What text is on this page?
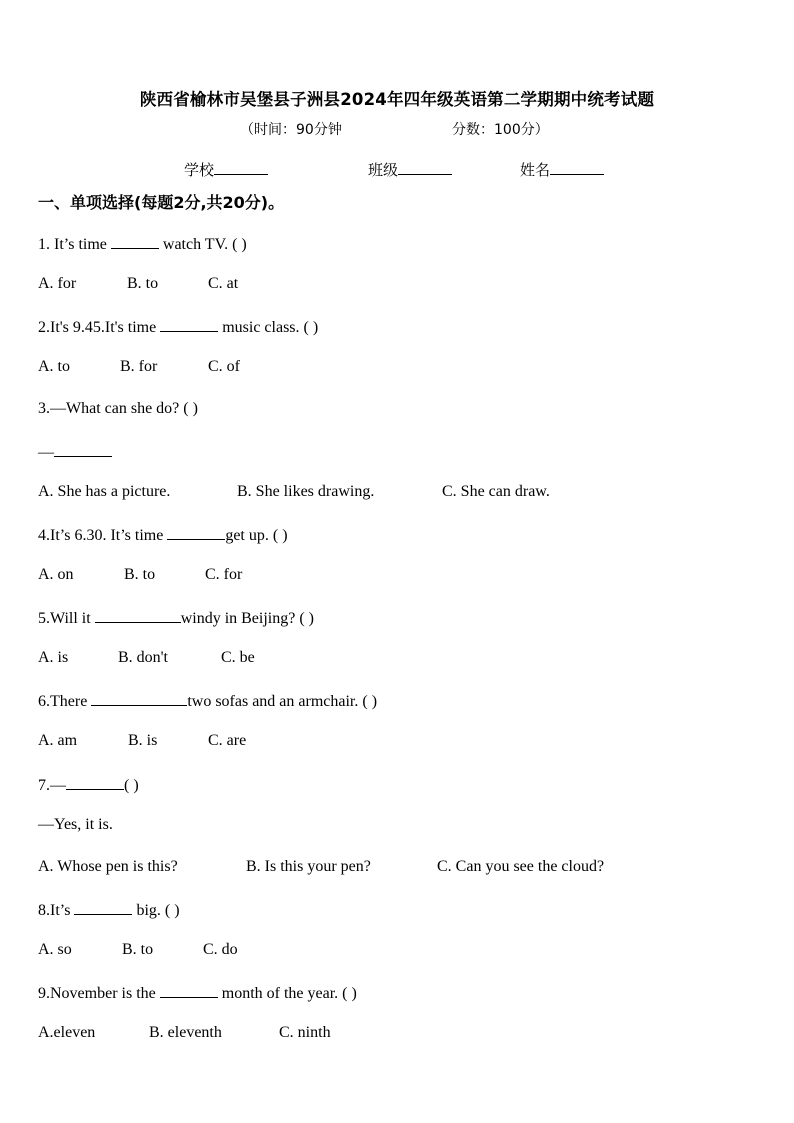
陕西省榆林市吴堡县子洲县2024年四年级英语第二学期期中统考试题
（时间：90分钟	分数：100分）
学校	班级	姓名
一、单项选择(每题2分,共20分)。
1. It’s time	watch TV. ( )
A. for	B. to	C. at
2.It's 9.45.It's time	music class. ( )
A. to	B. for	C. of
3.—What can she do? ( )
—
A. She has a picture.	B. She likes drawing.	C. She can draw.
4.It’s 6.30. It’s time	get up. ( )
A. on	B. to	C. for
5.Will it	windy in Beijing? ( )
A. is	B. don't	C. be
6.There	two sofas and an armchair. ( )
A. am	B. is	C. are
7.—	( )
—Yes, it is.
A. Whose pen is this?	B. Is this your pen?	C. Can you see the cloud?
8.It’s	big. ( )
A. so	B. to	C. do
9.November is the	month of the year. ( )
A.eleven	B. eleventh	C. ninth
